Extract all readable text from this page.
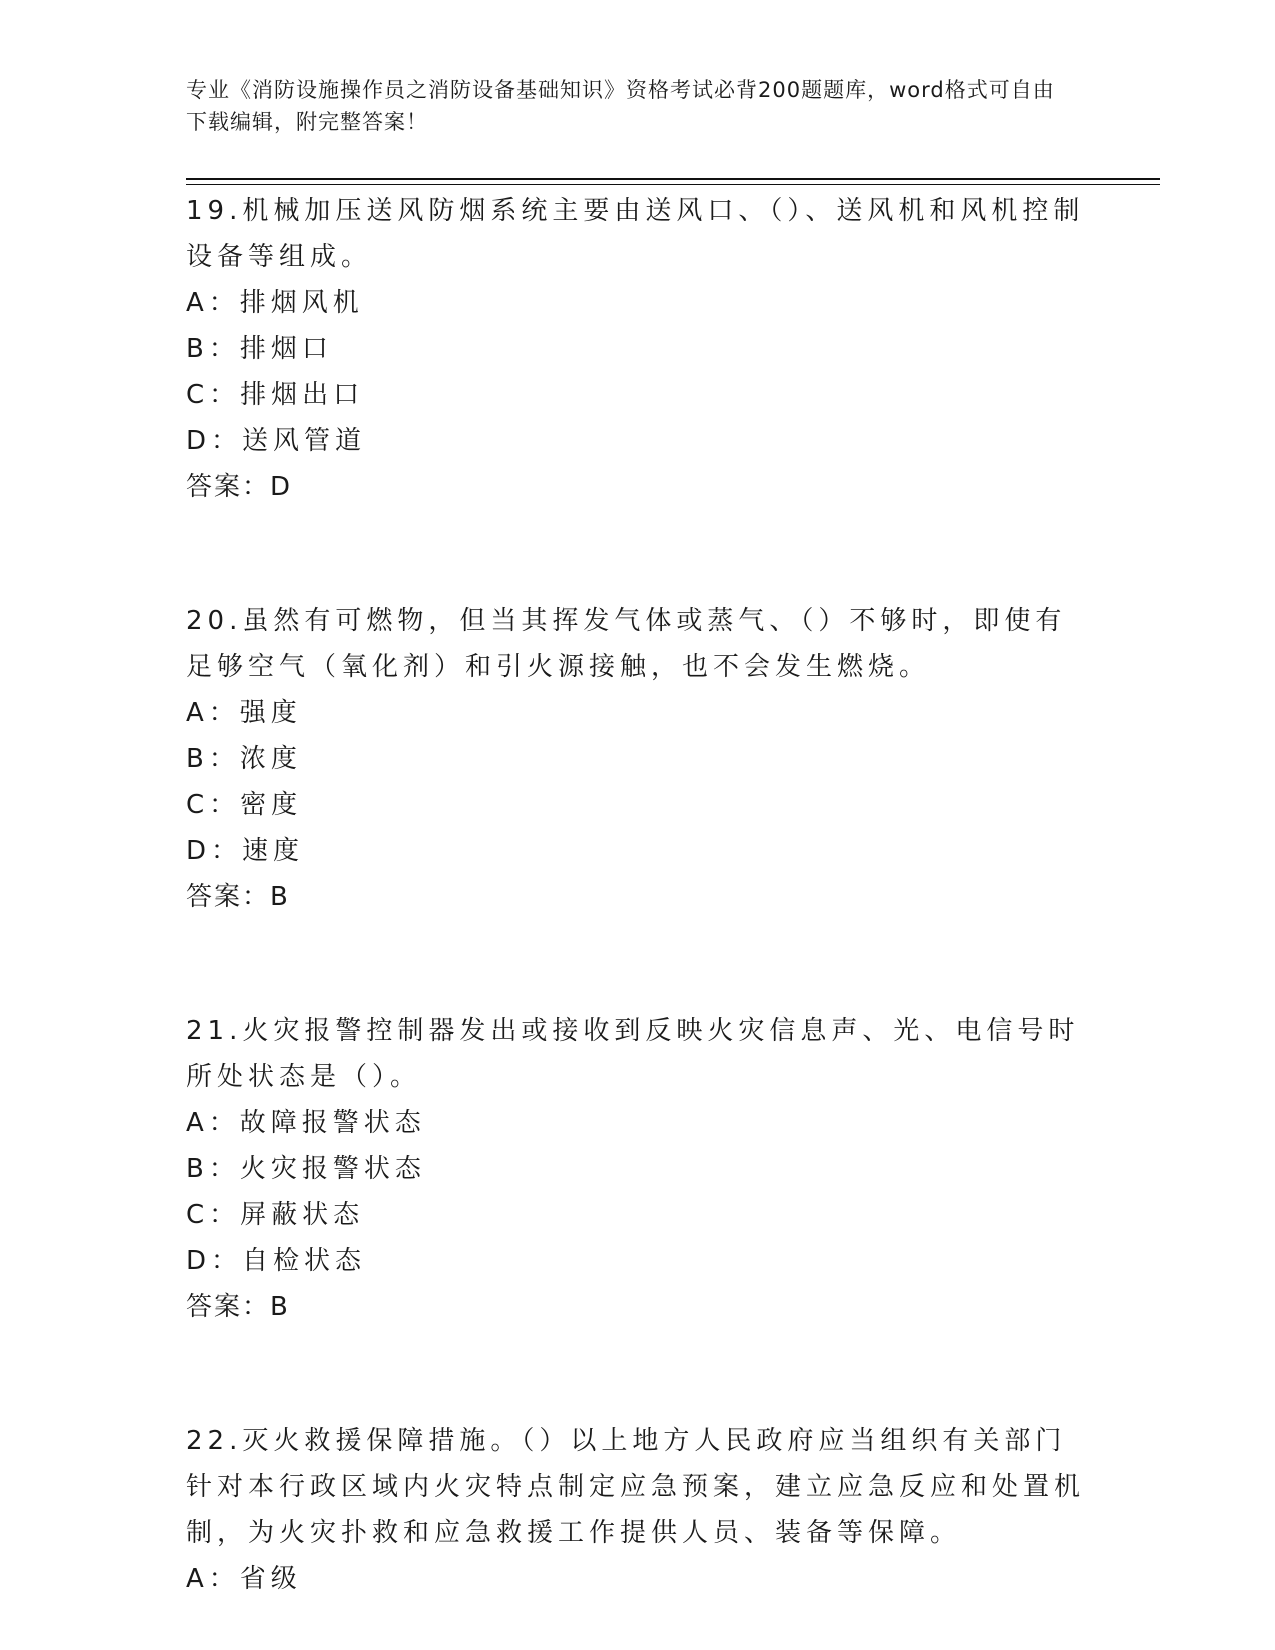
专业《消防设施操作员之消防设备基础知识》资格考试必背200题题库，word格式可自由下载编辑，附完整答案！

19.机械加压送风防烟系统主要由送风口、（）、送风机和风机控制设备等组成。

A：排烟风机

B：排烟口

C：排烟出口

D：送风管道

答案：D

20.虽然有可燃物，但当其挥发气体或蒸气、（）不够时，即使有足够空气（氧化剂）和引火源接触，也不会发生燃烧。

A：强度

B：浓度

C：密度

D：速度

答案：B

21.火灾报警控制器发出或接收到反映火灾信息声、光、电信号时所处状态是（）。

A：故障报警状态

B：火灾报警状态

C：屏蔽状态

D：自检状态

答案：B

22.灭火救援保障措施。（）以上地方人民政府应当组织有关部门针对本行政区域内火灾特点制定应急预案，建立应急反应和处置机制，为火灾扑救和应急救援工作提供人员、装备等保障。

A：省级
